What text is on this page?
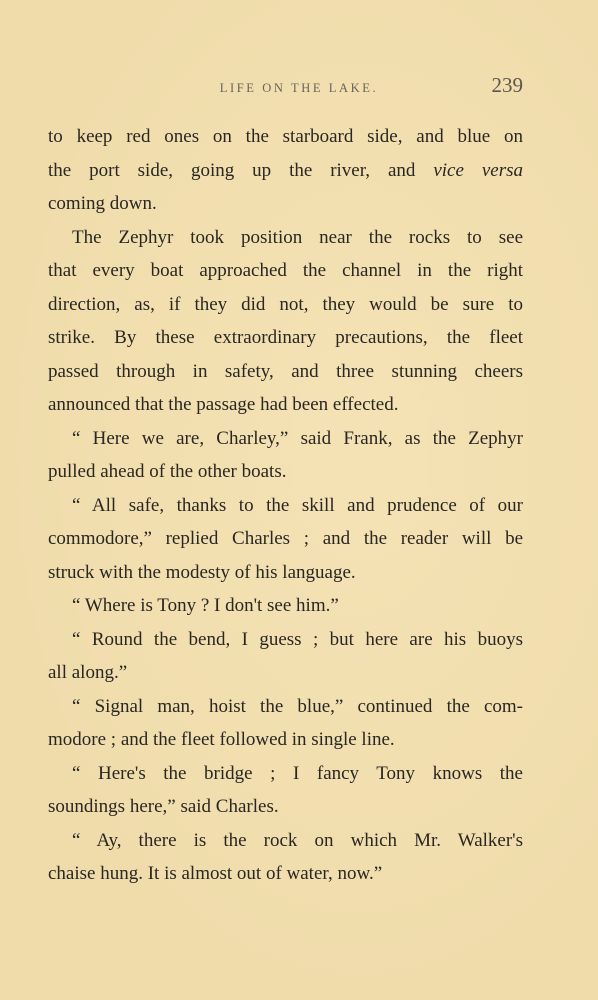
LIFE ON THE LAKE.	239
to keep red ones on the starboard side, and blue on
the port side, going up the river, and vice versa
coming down.
The Zephyr took position near the rocks to see
that every boat approached the channel in the right
direction, as, if they did not, they would be sure to
strike. By these extraordinary precautions, the fleet
passed through in safety, and three stunning cheers
announced that the passage had been effected.
“ Here we are, Charley,” said Frank, as the Zephyr
pulled ahead of the other boats.
“ All safe, thanks to the skill and prudence of our
commodore,” replied Charles ; and the reader will be
struck with the modesty of his language.
“ Where is Tony ? I don't see him.”
“ Round the bend, I guess ; but here are his buoys
all along.”
“ Signal man, hoist the blue,” continued the com-
modore ; and the fleet followed in single line.
“ Here's the bridge ; I fancy Tony knows the
soundings here,” said Charles.
“ Ay, there is the rock on which Mr. Walker's
chaise hung. It is almost out of water, now.”
